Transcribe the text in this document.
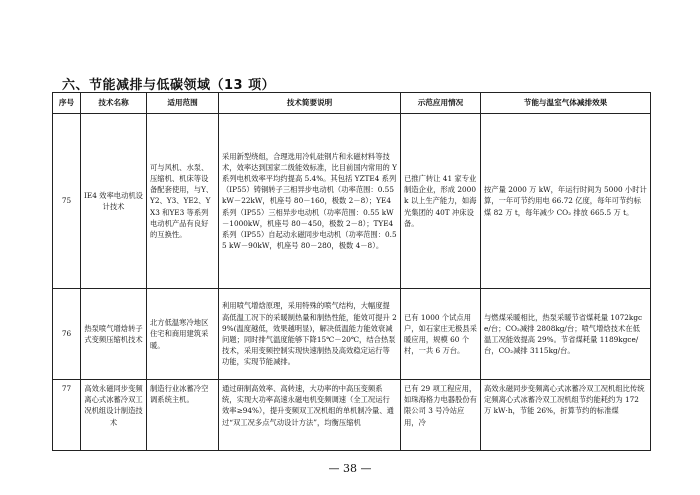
六、节能减排与低碳领域（13 项）
序号	技术名称	适用范围	技术简要说明	示范应用情况	节能与温室气体减排效果
75	IE4 效率电动机设计技术	可与风机、水泵、压缩机、机床等设备配套使用，与Y、Y2、Y3、YE2、YX3 和YE3 等系列电动机产品有良好的互换性。	采用新型绕组，合理选用冷轧硅钢片和永磁材料等技术，效率达到国家二级能效标准，比目前国内常用的 Y 系列电机效率平均约提高 5.4%。其包括 YZTE4 系列（IP55）铸铜转子三相异步电动机（功率范围：0.55 kW－22kW，机座号 80－160，极数 2－8）；YE4 系列（IP55）三相异步电动机（功率范围：0.55 kW－1000kW，机座号 80－450，极数 2－8）；TYE4 系列（IP55）自起动永磁同步电动机（功率范围：0.55 kW－90kW，机座号 80－280，极数 4－8）。	已推广转让 41 家专业制造企业，形成 2000k 以上生产能力，如海光集团的 40T 冲床设备。	按产量 2000 万 kW，年运行时间为 5000 小时计算，一年可节约用电 66.72 亿度，每年可节约标煤 82 万 t，每年减少 CO₂ 排放 665.5 万 t。
76	热泵喷气增焓转子式变频压缩机技术	北方低温寒冷地区住宅和商用建筑采暖。	利用喷气增焓原理，采用特殊的喷气结构，大幅度提高低温工况下的采暖制热量和制热性能，能效可提升 29%(温度越低，效果越明显)，解决低温能力能效衰减问题；同时排气温度能够下降15℃－20℃，结合热泵技术，采用变频控制实现快速制热及高效稳定运行等功能，实现节能减排。	已有 1000 个试点用户，如石家庄无极县采暖应用，规模 60 个村，一共 6 万台。	与燃煤采暖相比，热泵采暖节省煤耗量 1072kgce/台；CO₂减排 2808kg/台；喷气增焓技术在低温工况能效提高 29%。节省煤耗量 1189kgce/台，CO₂减排 3115kg/台。
77	高效永磁同步变频离心式冰蓄冷双工况机组设计制造技术	制造行业冰蓄冷空调系统主机。	通过研制高效率、高转速，大功率的中高压变频系统，实现大功率高速永磁电机变频调速（全工况运行效率≥94%），提升变频双工况机组的单机制冷量、通过“双工况多点气动设计方法”，均衡压缩机	已有 29 项工程应用，如珠海格力电器股份有限公司 3 号冷站应用，冷	高效永磁同步变频离心式冰蓄冷双工况机组比传统定频离心式冰蓄冷双工况机组节约能耗约为 172 万 kW·h，节能 26%，折算节约的标准煤
— 38 —
